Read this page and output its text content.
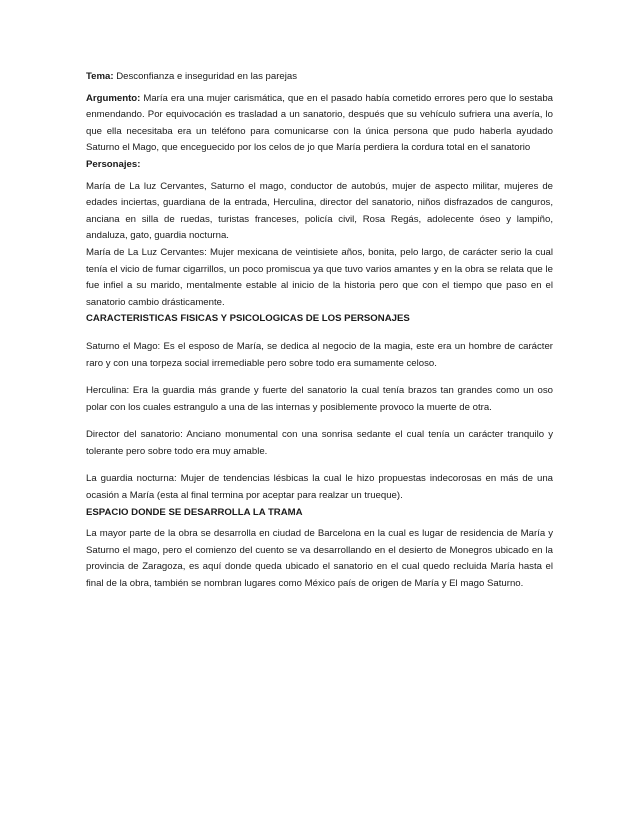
Tema: Desconfianza e inseguridad en las parejas

Argumento: María era una mujer carismática, que en el pasado había cometido errores pero que lo sestaba enmendando. Por equivocación es trasladad a un sanatorio, después que su vehículo sufriera una avería, lo que ella necesitaba era un teléfono para comunicarse con la única persona que pudo haberla ayudado Saturno el Mago, que enceguecido por los celos de jo que María perdiera la cordura total en el sanatorio

Personajes:

María de La luz Cervantes, Saturno el mago, conductor de autobús, mujer de aspecto militar, mujeres de edades inciertas, guardiana de la entrada, Herculina, director del sanatorio, niños disfrazados de canguros, anciana en silla de ruedas, turistas franceses, policía civil, Rosa Regás, adolecente óseo y lampiño, andaluza, gato, guardia nocturna.

María de La Luz Cervantes: Mujer mexicana de veintisiete años, bonita, pelo largo, de carácter serio la cual tenía el vicio de fumar cigarrillos, un poco promiscua ya que tuvo varios amantes y en la obra se relata que le fue infiel a su marido, mentalmente estable al inicio de la historia pero que con el tiempo que paso en el sanatorio cambio drásticamente.

CARACTERISTICAS FISICAS Y PSICOLOGICAS DE LOS PERSONAJES

Saturno el Mago: Es el esposo de María, se dedica al negocio de la magia, este era un hombre de carácter raro y con una torpeza social irremediable pero sobre todo era sumamente celoso.

Herculina: Era la guardia más grande y fuerte del sanatorio la cual tenía brazos tan grandes como un oso polar con los cuales estrangulo a una de las internas y posiblemente provoco la muerte de otra.

Director del sanatorio: Anciano monumental con una sonrisa sedante el cual tenía un carácter tranquilo y tolerante pero sobre todo era muy amable.

La guardia nocturna: Mujer de tendencias lésbicas la cual le hizo propuestas indecorosas en más de una ocasión a María (esta al final termina por aceptar para realzar un trueque).

ESPACIO DONDE SE DESARROLLA LA TRAMA

La mayor parte de la obra se desarrolla en ciudad de Barcelona en la cual es lugar de residencia de María y Saturno el mago, pero el comienzo del cuento se va desarrollando en el desierto de Monegros ubicado en la provincia de Zaragoza, es aquí donde queda ubicado el sanatorio en el cual quedo recluida María hasta el final de la obra, también se nombran lugares como México país de origen de María y El mago Saturno.
